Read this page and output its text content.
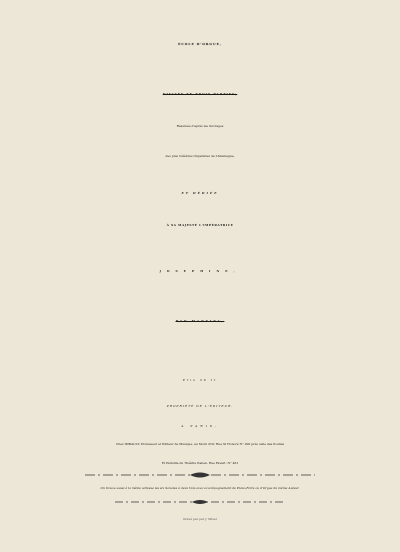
ÉCOLE D'ORGUE,
DIVISÉE EN TROIS PARTIES;
Résumée d'après les Ouvrages
des plus Célèbres Organistes de l'Allemagne,
ET DÉDIÉE
À SA MAJESTÉ L'IMPÉRATRICE
JOSEPHINE,
PAR MARTINI,
Prix 36 fr
PROPRIÉTÉ DE L'ÉDITEUR.
A PARIS,
Chez IMBAULT, Professeur et Editeur de Musique, au Mont d'Or, Rue St Honoré N° 200 près celle des Poulies
Et Péristile du Théâtre Italien, Rue Favart, N° 461
On trouve aussi à la même adresse les six Sonates à deux Voix avec accompagnement de Piano-Forte ou d'Orgue du même Auteur.
Gravé par par J. Mixer
